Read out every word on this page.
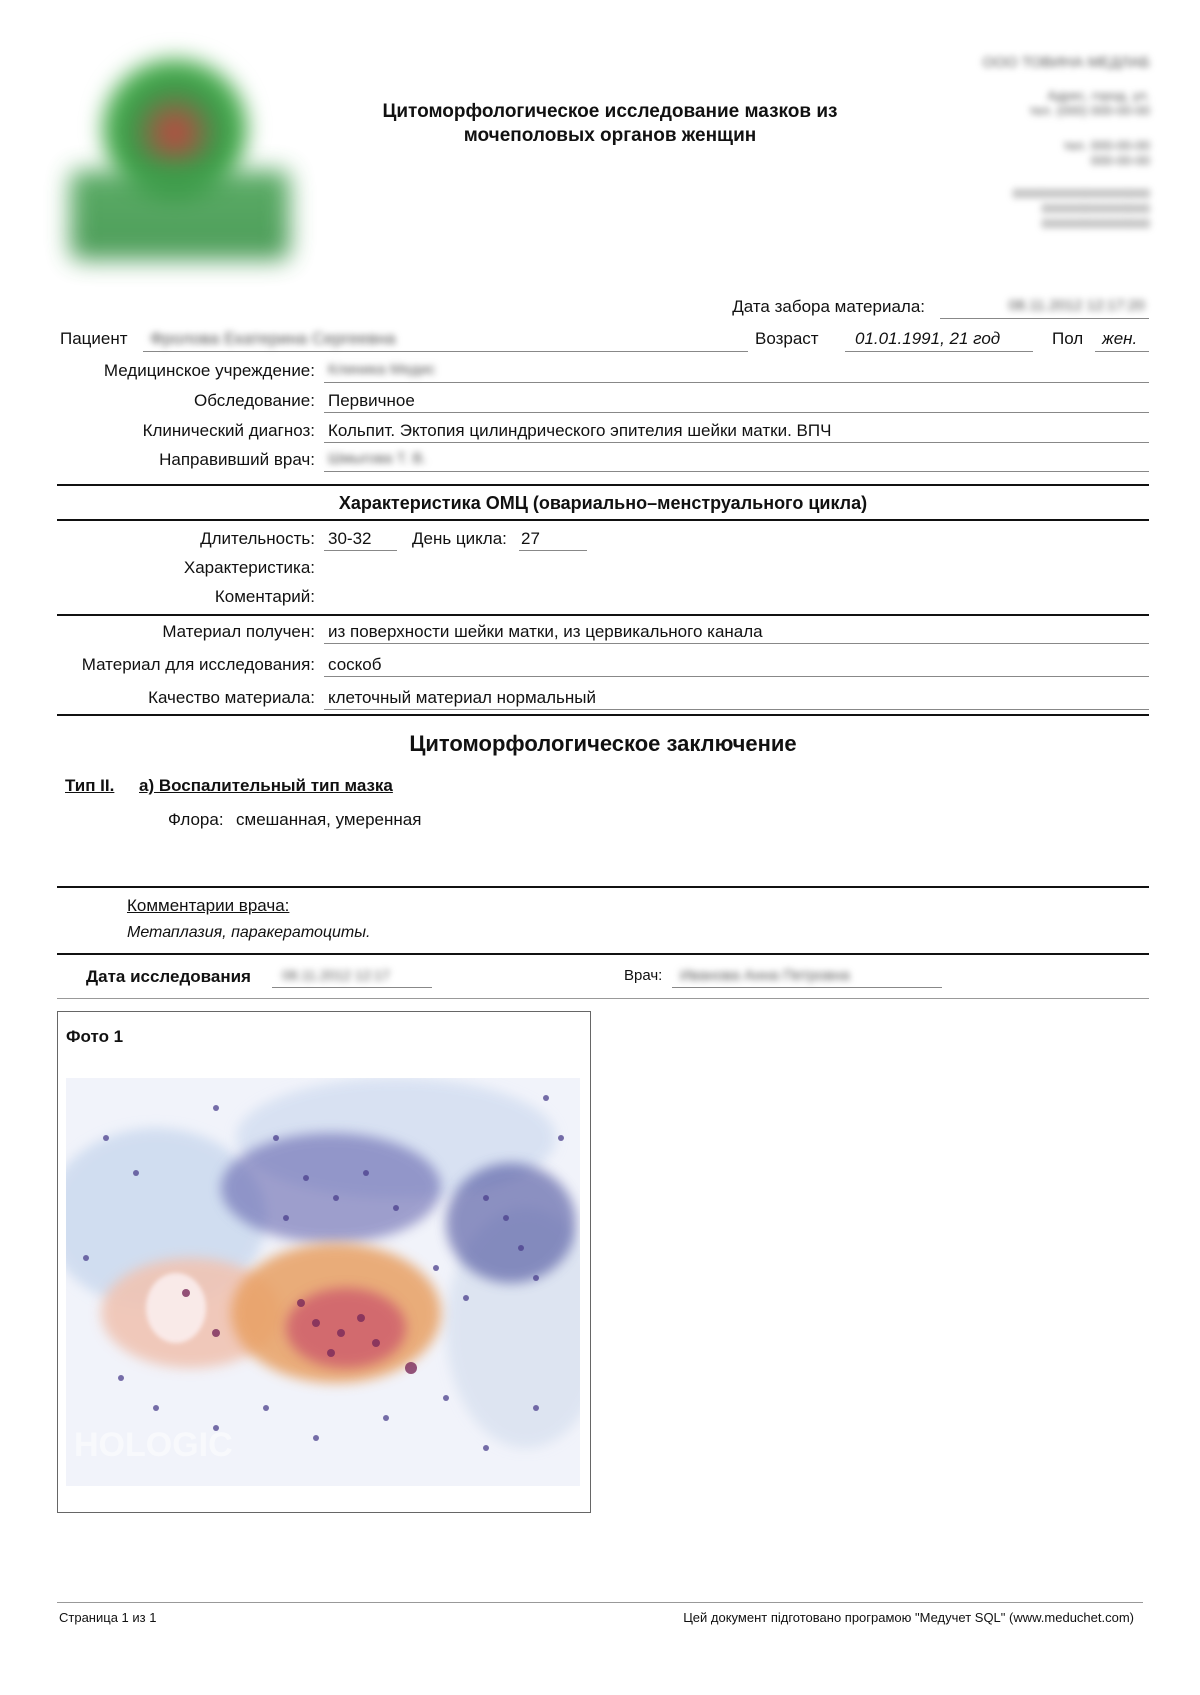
Цитоморфологическое исследование мазков из
мочеполовых органов женщин
ООО ТОВИНА МЕДЛАБ
Адрес, город, ул.
тел. (000) 000-00-00
тел. 000-00-00
000-00-00
0000000000000000000
000000000000000
000000000000000
Дата забора материала:	08.11.2012 12:17:20
Пациент	Фролова Екатерина Сергеевна	Возраст	01.01.1991, 21 год	Пол	жен.
Медицинское учреждение: Клиника Медис
Обследование: Первичное
Клинический диагноз: Кольпит. Эктопия цилиндрического эпителия шейки матки. ВПЧ
Направивший врач: Шмыгова Т. В.
Характеристика ОМЦ (овариально–менструального цикла)
Длительность: 30-32 День цикла: 27
Характеристика:
Коментарий:
Материал получен: из поверхности шейки матки, из цервикального канала
Материал для исследования: соскоб
Качество материала: клеточный материал нормальный
Цитоморфологическое заключение
Тип II. а) Воспалительный тип мазка
Флора: смешанная, умеренная
Комментарии врача:
Метаплазия, паракератоциты.
Дата исследования 08.11.2012 12:17	Врач: Иванова Анна Петровна
Фото 1
HOLOGIC
Страница 1 из 1	Цей документ підготовано програмою "Медучет SQL" (www.meduchet.com)
